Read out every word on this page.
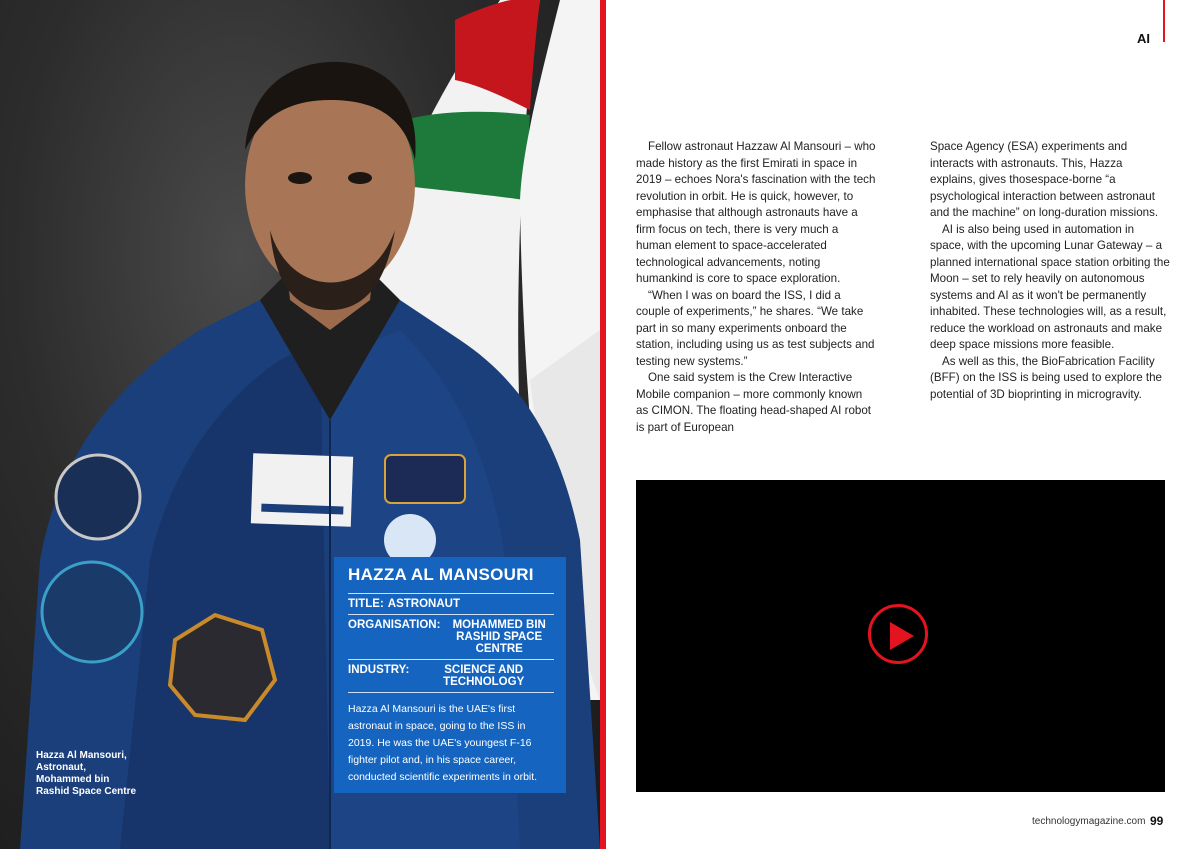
Hazza Al Mansouri,
Astronaut,
Mohammed bin
Rashid Space Centre
HAZZA AL MANSOURI
TITLE: ASTRONAUT
ORGANISATION:	MOHAMMED BIN RASHID SPACE CENTRE
INDUSTRY:	SCIENCE AND TECHNOLOGY
Hazza Al Mansouri is the UAE's first astronaut in space, going to the ISS in 2019. He was the UAE's youngest F-16 fighter pilot and, in his space career, conducted scientific experiments in orbit.
AI

Fellow astronaut Hazzaw Al Mansouri – who made history as the first Emirati in space in 2019 – echoes Nora's fascination with the tech revolution in orbit. He is quick, however, to emphasise that although astronauts have a firm focus on tech, there is very much a human element to space-accelerated technological advancements, noting humankind is core to space exploration.

“When I was on board the ISS, I did a couple of experiments,” he shares. “We take part in so many experiments onboard the station, including using us as test subjects and testing new systems.”

One said system is the Crew Interactive Mobile companion – more commonly known as CIMON. The floating head-shaped AI robot is part of European

Space Agency (ESA) experiments and interacts with astronauts. This, Hazza explains, gives thosespace-borne “a psychological interaction between astronaut and the machine” on long-duration missions.

AI is also being used in automation in space, with the upcoming Lunar Gateway – a planned international space station orbiting the Moon – set to rely heavily on autonomous systems and AI as it won't be permanently inhabited. These technologies will, as a result, reduce the workload on astronauts and make deep space missions more feasible.

As well as this, the BioFabrication Facility (BFF) on the ISS is being used to explore the potential of 3D bioprinting in microgravity.

technologymagazine.com 99
